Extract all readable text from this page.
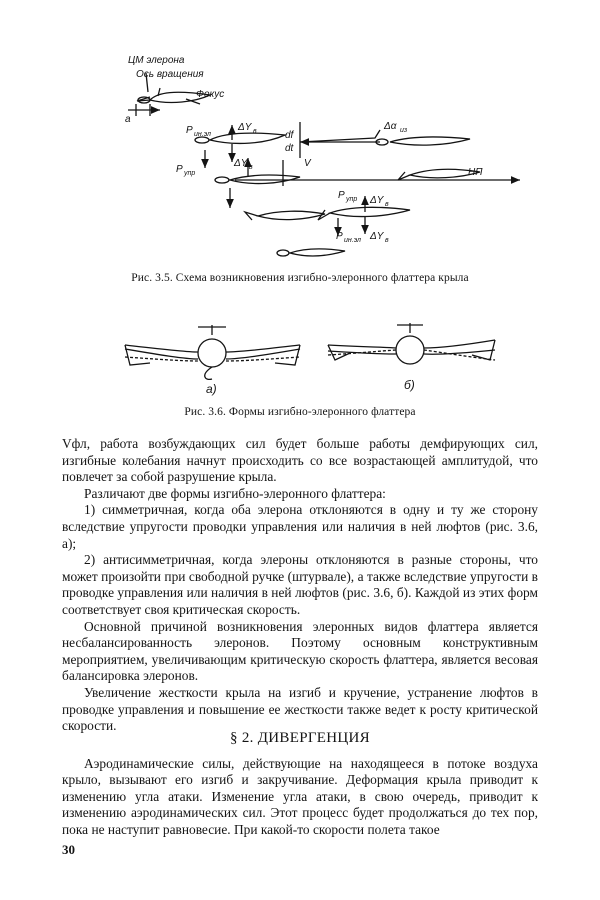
ЦМ элерона
Ось вращения
Фокус
а
P ин.эл
ΔY в
P упр
ΔY в
df
dt
V
Δα из
НП
P упр ΔY в
P ин.эл ΔY в
Рис. 3.5. Схема возникновения изгибно-элеронного флаттера крыла
а)	б)
Рис. 3.6. Формы изгибно-элеронного флаттера

Vфл, работа возбуждающих сил будет больше работы демфирующих сил, изгибные колебания начнут происходить со все возрастающей амплитудой, что повлечет за собой разрушение крыла.

Различают две формы изгибно-элеронного флаттера:

1) симметричная, когда оба элерона отклоняются в одну и ту же сторону вследствие упругости проводки управления или наличия в ней люфтов (рис. 3.6, а);

2) антисимметричная, когда элероны отклоняются в разные стороны, что может произойти при свободной ручке (штурвале), а также вследствие упругости в проводке управления или наличия в ней люфтов (рис. 3.6, б). Каждой из этих форм соответствует своя критическая скорость.

Основной причиной возникновения элеронных видов флаттера является несбалансированность элеронов. Поэтому основным конструктивным мероприятием, увеличивающим критическую скорость флаттера, является весовая балансировка элеронов.

Увеличение жесткости крыла на изгиб и кручение, устранение люфтов в проводке управления и повышение ее жесткости также ведет к росту критической скорости.

§ 2. ДИВЕРГЕНЦИЯ

Аэродинамические силы, действующие на находящееся в потоке воздуха крыло, вызывают его изгиб и закручивание. Деформация крыла приводит к изменению угла атаки. Изменение угла атаки, в свою очередь, приводит к изменению аэродинамических сил. Этот процесс будет продолжаться до тех пор, пока не наступит равновесие. При какой-то скорости полета такое

30
